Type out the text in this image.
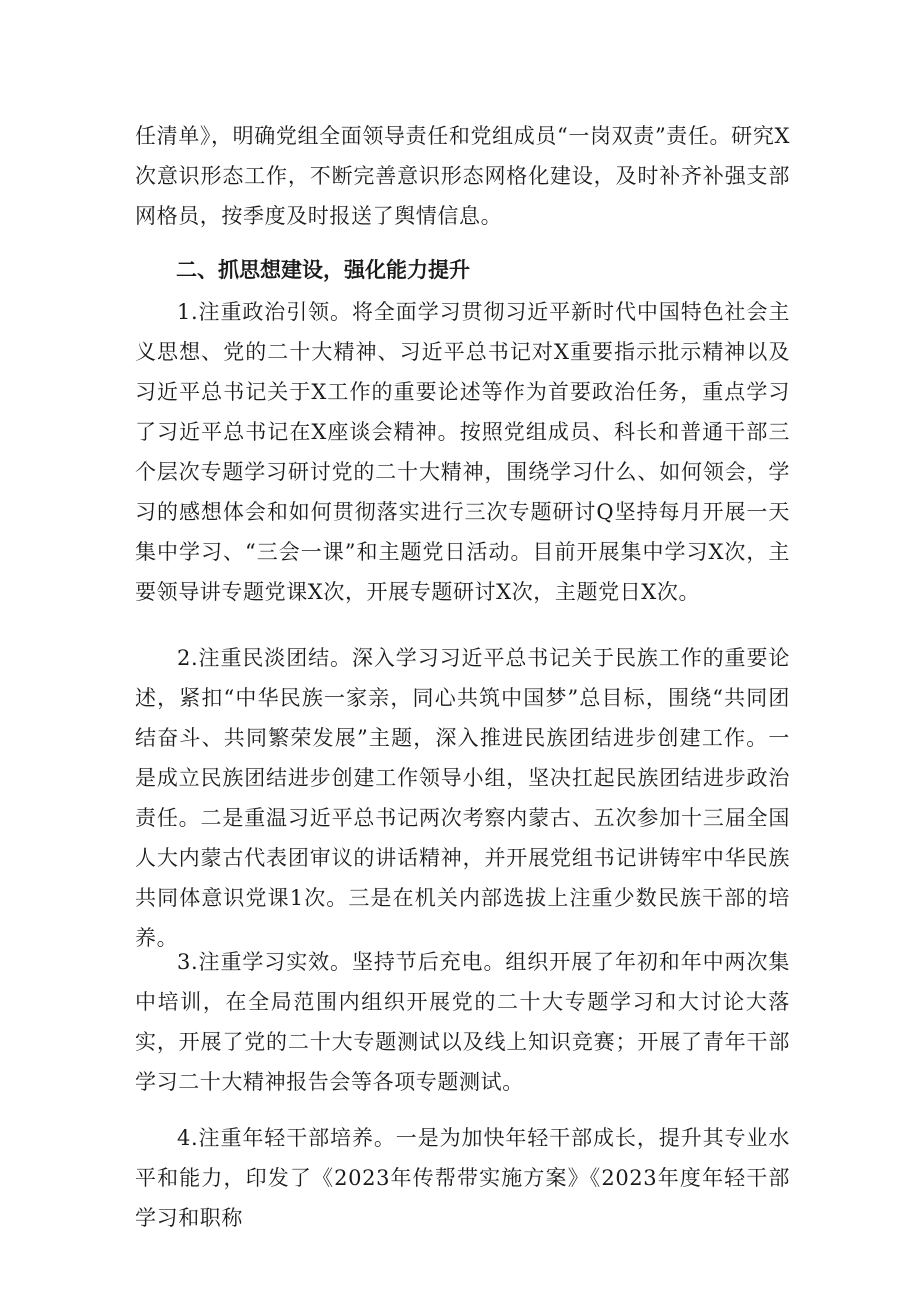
任清单》，明确党组全面领导责任和党组成员“一岗双责”责任。研究X次意识形态工作，不断完善意识形态网格化建设，及时补齐补强支部网格员，按季度及时报送了舆情信息。

二、抓思想建设，强化能力提升

1.注重政治引领。将全面学习贯彻习近平新时代中国特色社会主义思想、党的二十大精神、习近平总书记对X重要指示批示精神以及习近平总书记关于X工作的重要论述等作为首要政治任务，重点学习了习近平总书记在X座谈会精神。按照党组成员、科长和普通干部三个层次专题学习研讨党的二十大精神，围绕学习什么、如何领会，学习的感想体会和如何贯彻落实进行三次专题研讨Q坚持每月开展一天集中学习、“三会一课”和主题党日活动。目前开展集中学习X次，主要领导讲专题党课X次，开展专题研讨X次，主题党日X次。

2.注重民淡团结。深入学习习近平总书记关于民族工作的重要论述，紧扣“中华民族一家亲，同心共筑中国梦”总目标，围绕“共同团结奋斗、共同繁荣发展”主题，深入推进民族团结进步创建工作。一是成立民族团结进步创建工作领导小组，坚决扛起民族团结进步政治责任。二是重温习近平总书记两次考察内蒙古、五次参加十三届全国人大内蒙古代表团审议的讲话精神，并开展党组书记讲铸牢中华民族共同体意识党课1次。三是在机关内部选拔上注重少数民族干部的培养。

3.注重学习实效。坚持节后充电。组织开展了年初和年中两次集中培训，在全局范围内组织开展党的二十大专题学习和大讨论大落实，开展了党的二十大专题测试以及线上知识竞赛；开展了青年干部学习二十大精神报告会等各项专题测试。

4.注重年轻干部培养。一是为加快年轻干部成长，提升其专业水平和能力，印发了《2023年传帮带实施方案》《2023年度年轻干部学习和职称
